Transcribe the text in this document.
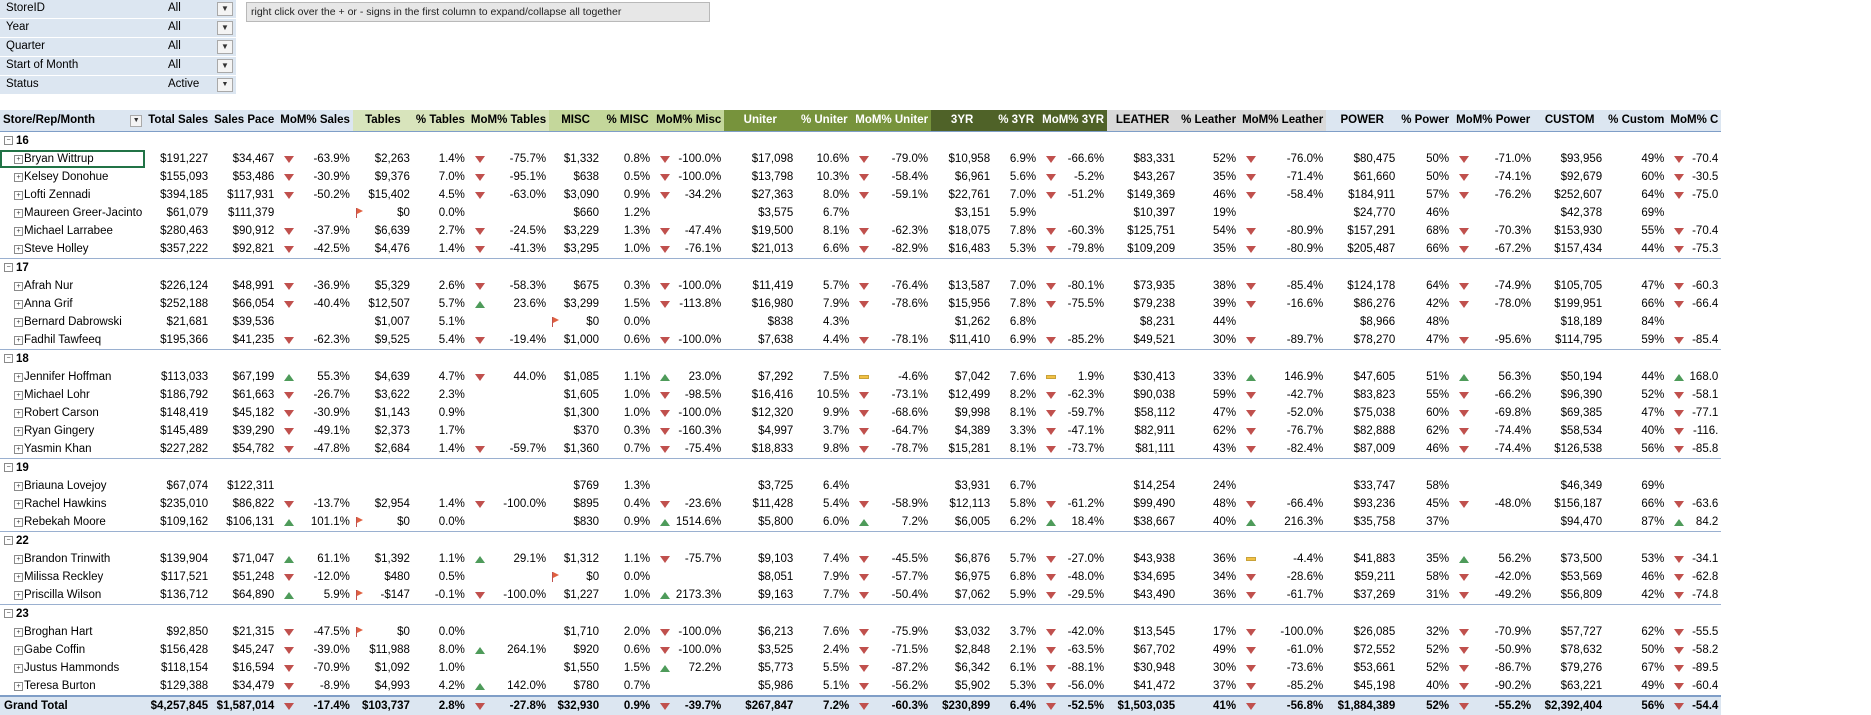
StoreID	All	▼
Year	All	▼
Quarter	All	▼
Start of Month	All	▼
Status	Active	▼
right click over the + or - signs in the first column to expand/collapse all together
Store/Rep/Month ▼	Total Sales	Sales Pace	MoM% Sales	Tables	% Tables	MoM% Tables	MISC	% MISC	MoM% Misc	Uniter	% Uniter	MoM% Uniter	3YR	% 3YR	MoM% 3YR	LEATHER	% Leather	MoM% Leather	POWER	% Power	MoM% Power	CUSTOM	% Custom	MoM% C
− 16																								

+ Bryan Wittrup	$191,227	$34,467	-63.9%	$2,263	1.4%	-75.7%	$1,332	0.8%	-100.0%	$17,098	10.6%	-79.0%	$10,958	6.9%	-66.6%	$83,331	52%	-76.0%	$80,475	50%	-71.0%	$93,956	49%	-70.4

+ Kelsey Donohue	$155,093	$53,486	-30.9%	$9,376	7.0%	-95.1%	$638	0.5%	-100.0%	$13,798	10.3%	-58.4%	$6,961	5.6%	-5.2%	$43,267	35%	-71.4%	$61,660	50%	-74.1%	$92,679	60%	-30.5

+ Lofti Zennadi	$394,185	$117,931	-50.2%	$15,402	4.5%	-63.0%	$3,090	0.9%	-34.2%	$27,363	8.0%	-59.1%	$22,761	7.0%	-51.2%	$149,369	46%	-58.4%	$184,911	57%	-76.2%	$252,607	64%	-75.0

+ Maureen Greer-Jacinto	$61,079	$111,379		$0	0.0%		$660	1.2%		$3,575	6.7%		$3,151	5.9%		$10,397	19%		$24,770	46%		$42,378	69%	

+ Michael Larrabee	$280,463	$90,912	-37.9%	$6,639	2.7%	-24.5%	$3,229	1.3%	-47.4%	$19,500	8.1%	-62.3%	$18,075	7.8%	-60.3%	$125,751	54%	-80.9%	$157,291	68%	-70.3%	$153,930	55%	-70.4

+ Steve Holley	$357,222	$92,821	-42.5%	$4,476	1.4%	-41.3%	$3,295	1.0%	-76.1%	$21,013	6.6%	-82.9%	$16,483	5.3%	-79.8%	$109,209	35%	-80.9%	$205,487	66%	-67.2%	$157,434	44%	-75.3

− 17																								

+ Afrah Nur	$226,124	$48,991	-36.9%	$5,329	2.6%	-58.3%	$675	0.3%	-100.0%	$11,419	5.7%	-76.4%	$13,587	7.0%	-80.1%	$73,935	38%	-85.4%	$124,178	64%	-74.9%	$105,705	47%	-60.3

+ Anna Grif	$252,188	$66,054	-40.4%	$12,507	5.7%	23.6%	$3,299	1.5%	-113.8%	$16,980	7.9%	-78.6%	$15,956	7.8%	-75.5%	$79,238	39%	-16.6%	$86,276	42%	-78.0%	$199,951	66%	-66.4

+ Bernard Dabrowski	$21,681	$39,536		$1,007	5.1%		$0	0.0%		$838	4.3%		$1,262	6.8%		$8,231	44%		$8,966	48%		$18,189	84%	

+ Fadhil Tawfeeq	$195,366	$41,235	-62.3%	$9,525	5.4%	-19.4%	$1,000	0.6%	-100.0%	$7,638	4.4%	-78.1%	$11,410	6.9%	-85.2%	$49,521	30%	-89.7%	$78,270	47%	-95.6%	$114,795	59%	-85.4

− 18																								

+ Jennifer Hoffman	$113,033	$67,199	55.3%	$4,639	4.7%	44.0%	$1,085	1.1%	23.0%	$7,292	7.5%	-4.6%	$7,042	7.6%	1.9%	$30,413	33%	146.9%	$47,605	51%	56.3%	$50,194	44%	168.0

+ Michael Lohr	$186,792	$61,663	-26.7%	$3,622	2.3%		$1,605	1.0%	-98.5%	$16,416	10.5%	-73.1%	$12,499	8.2%	-62.3%	$90,038	59%	-42.7%	$83,823	55%	-66.2%	$96,390	52%	-58.1

+ Robert Carson	$148,419	$45,182	-30.9%	$1,143	0.9%		$1,300	1.0%	-100.0%	$12,320	9.9%	-68.6%	$9,998	8.1%	-59.7%	$58,112	47%	-52.0%	$75,038	60%	-69.8%	$69,385	47%	-77.1

+ Ryan Gingery	$145,489	$39,290	-49.1%	$2,373	1.7%		$370	0.3%	-160.3%	$4,997	3.7%	-64.7%	$4,389	3.3%	-47.1%	$82,911	62%	-76.7%	$82,888	62%	-74.4%	$58,534	40%	-116.

+ Yasmin Khan	$227,282	$54,782	-47.8%	$2,684	1.4%	-59.7%	$1,360	0.7%	-75.4%	$18,833	9.8%	-78.7%	$15,281	8.1%	-73.7%	$81,111	43%	-82.4%	$87,009	46%	-74.4%	$126,538	56%	-85.8

− 19																								

+ Briauna Lovejoy	$67,074	$122,311					$769	1.3%		$3,725	6.4%		$3,931	6.7%		$14,254	24%		$33,747	58%		$46,349	69%	

+ Rachel Hawkins	$235,010	$86,822	-13.7%	$2,954	1.4%	-100.0%	$895	0.4%	-23.6%	$11,428	5.4%	-58.9%	$12,113	5.8%	-61.2%	$99,490	48%	-66.4%	$93,236	45%	-48.0%	$156,187	66%	-63.6

+ Rebekah Moore	$109,162	$106,131	101.1%	$0	0.0%		$830	0.9%	1514.6%	$5,800	6.0%	7.2%	$6,005	6.2%	18.4%	$38,667	40%	216.3%	$35,758	37%		$94,470	87%	84.2

− 22																								

+ Brandon Trinwith	$139,904	$71,047	61.1%	$1,392	1.1%	29.1%	$1,312	1.1%	-75.7%	$9,103	7.4%	-45.5%	$6,876	5.7%	-27.0%	$43,938	36%	-4.4%	$41,883	35%	56.2%	$73,500	53%	-34.1

+ Milissa Reckley	$117,521	$51,248	-12.0%	$480	0.5%		$0	0.0%		$8,051	7.9%	-57.7%	$6,975	6.8%	-48.0%	$34,695	34%	-28.6%	$59,211	58%	-42.0%	$53,569	46%	-62.8

+ Priscilla Wilson	$136,712	$64,890	5.9%	-$147	-0.1%	-100.0%	$1,227	1.0%	2173.3%	$9,163	7.7%	-50.4%	$7,062	5.9%	-29.5%	$43,490	36%	-61.7%	$37,269	31%	-49.2%	$56,809	42%	-74.8

− 23																								

+ Broghan Hart	$92,850	$21,315	-47.5%	$0	0.0%		$1,710	2.0%	-100.0%	$6,213	7.6%	-75.9%	$3,032	3.7%	-42.0%	$13,545	17%	-100.0%	$26,085	32%	-70.9%	$57,727	62%	-55.5

+ Gabe Coffin	$156,428	$45,247	-39.0%	$11,988	8.0%	264.1%	$920	0.6%	-100.0%	$3,525	2.4%	-71.5%	$2,848	2.1%	-63.5%	$67,702	49%	-61.0%	$72,552	52%	-50.9%	$78,632	50%	-58.2

+ Justus Hammonds	$118,154	$16,594	-70.9%	$1,092	1.0%		$1,550	1.5%	72.2%	$5,773	5.5%	-87.2%	$6,342	6.1%	-88.1%	$30,948	30%	-73.6%	$53,661	52%	-86.7%	$79,276	67%	-89.5

+ Teresa Burton	$129,388	$34,479	-8.9%	$4,993	4.2%	142.0%	$780	0.7%		$5,986	5.1%	-56.2%	$5,902	5.3%	-56.0%	$41,472	37%	-85.2%	$45,198	40%	-90.2%	$63,221	49%	-60.4

Grand Total	$4,257,845	$1,587,014	-17.4%	$103,737	2.8%	-27.8%	$32,930	0.9%	-39.7%	$267,847	7.2%	-60.3%	$230,899	6.4%	-52.5%	$1,503,035	41%	-56.8%	$1,884,389	52%	-55.2%	$2,392,404	56%	-54.4
